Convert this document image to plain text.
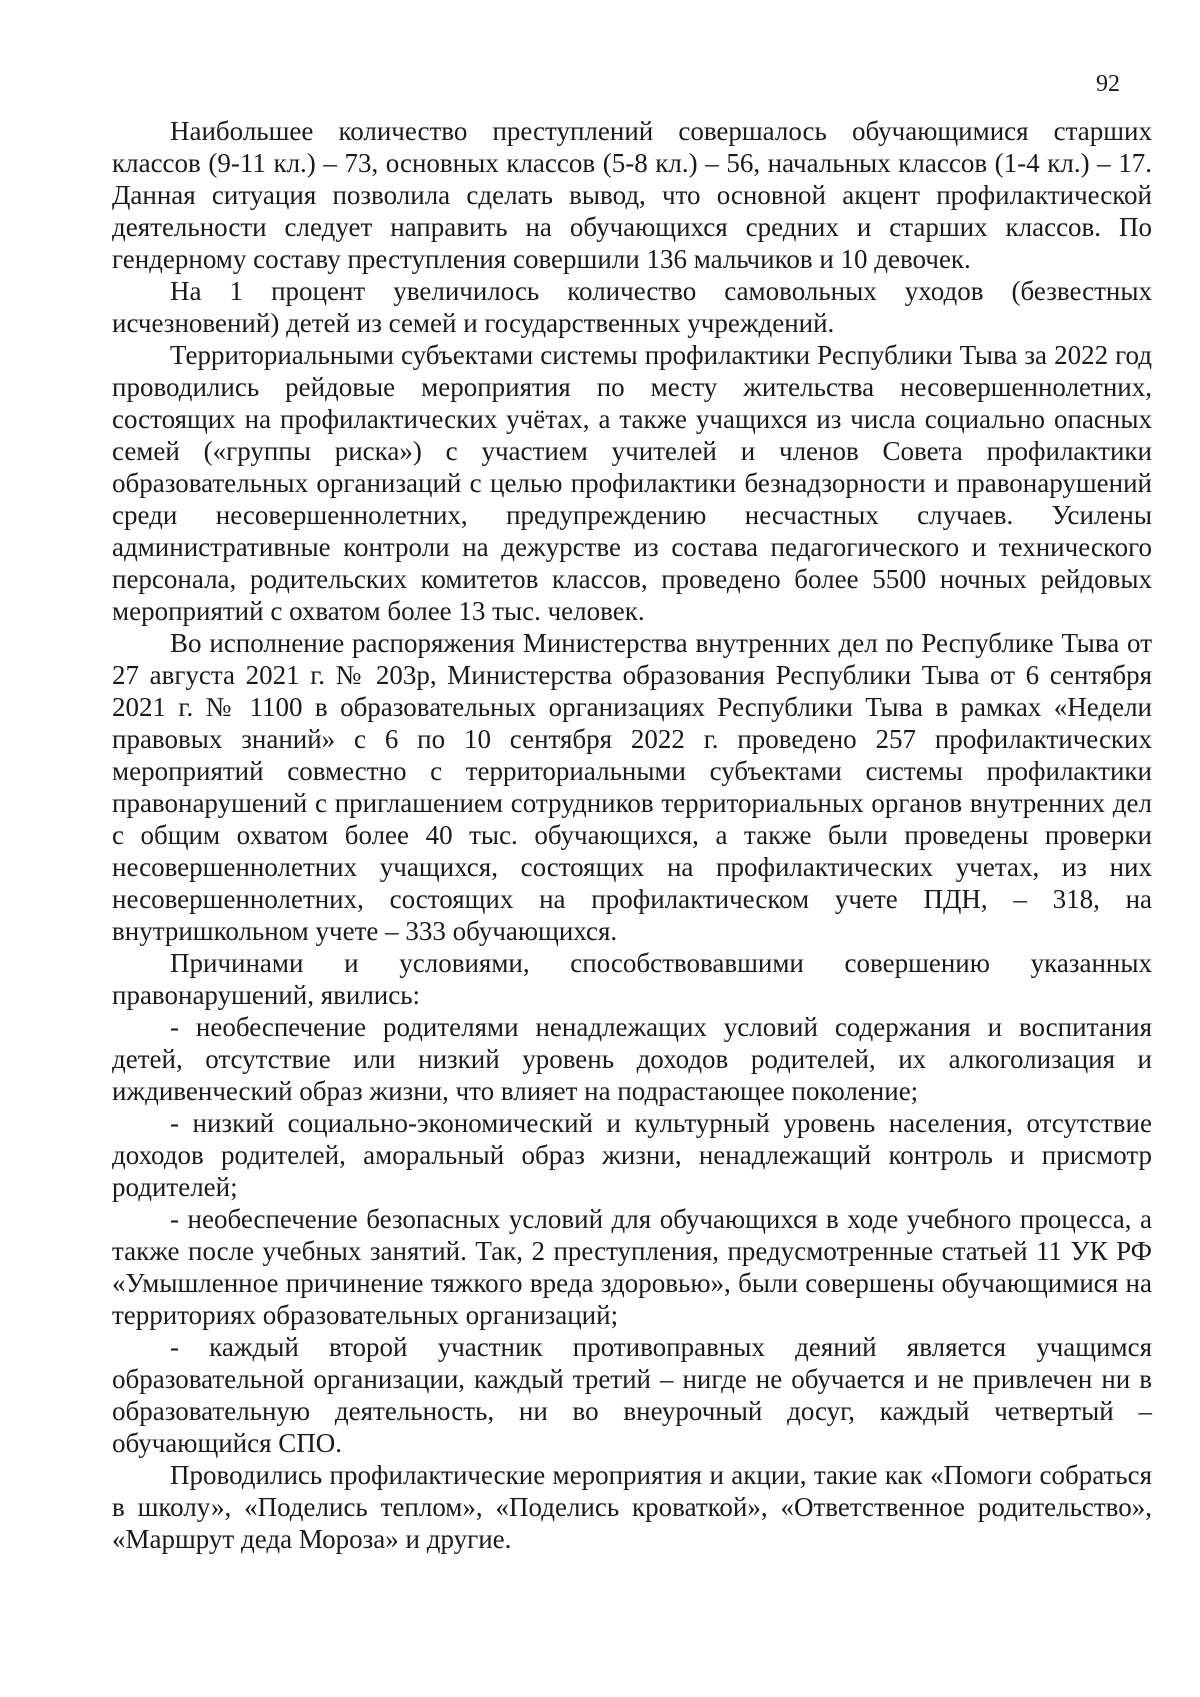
92

Наибольшее количество преступлений совершалось обучающимися старших классов (9-11 кл.) – 73, основных классов (5-8 кл.) – 56, начальных классов (1-4 кл.) – 17. Данная ситуация позволила сделать вывод, что основной акцент профилактической деятельности следует направить на обучающихся средних и старших классов. По гендерному составу преступления совершили 136 мальчиков и 10 девочек.

На 1 процент увеличилось количество самовольных уходов (безвестных исчезновений) детей из семей и государственных учреждений.

Территориальными субъектами системы профилактики Республики Тыва за 2022 год проводились рейдовые мероприятия по месту жительства несовершеннолетних, состоящих на профилактических учётах, а также учащихся из числа социально опасных семей («группы риска») с участием учителей и членов Совета профилактики образовательных организаций с целью профилактики безнадзорности и правонарушений среди несовершеннолетних, предупреждению несчастных случаев. Усилены административные контроли на дежурстве из состава педагогического и технического персонала, родительских комитетов классов, проведено более 5500 ночных рейдовых мероприятий с охватом более 13 тыс. человек.

Во исполнение распоряжения Министерства внутренних дел по Республике Тыва от 27 августа 2021 г. № 203р, Министерства образования Республики Тыва от 6 сентября 2021 г. № 1100 в образовательных организациях Республики Тыва в рамках «Недели правовых знаний» с 6 по 10 сентября 2022 г. проведено 257 профилактических мероприятий совместно с территориальными субъектами системы профилактики правонарушений с приглашением сотрудников территориальных органов внутренних дел с общим охватом более 40 тыс. обучающихся, а также были проведены проверки несовершеннолетних учащихся, состоящих на профилактических учетах, из них несовершеннолетних, состоящих на профилактическом учете ПДН, – 318, на внутришкольном учете – 333 обучающихся.

Причинами и условиями, способствовавшими совершению указанных правонарушений, явились:

- необеспечение родителями ненадлежащих условий содержания и воспитания детей, отсутствие или низкий уровень доходов родителей, их алкоголизация и иждивенческий образ жизни, что влияет на подрастающее поколение;

- низкий социально-экономический и культурный уровень населения, отсутствие доходов родителей, аморальный образ жизни, ненадлежащий контроль и присмотр родителей;

- необеспечение безопасных условий для обучающихся в ходе учебного процесса, а также после учебных занятий. Так, 2 преступления, предусмотренные статьей 11 УК РФ «Умышленное причинение тяжкого вреда здоровью», были совершены обучающимися на территориях образовательных организаций;

- каждый второй участник противоправных деяний является учащимся образовательной организации, каждый третий – нигде не обучается и не привлечен ни в образовательную деятельность, ни во внеурочный досуг, каждый четвертый – обучающийся СПО.

Проводились профилактические мероприятия и акции, такие как «Помоги собраться в школу», «Поделись теплом», «Поделись кроваткой», «Ответственное родительство», «Маршрут деда Мороза» и другие.
